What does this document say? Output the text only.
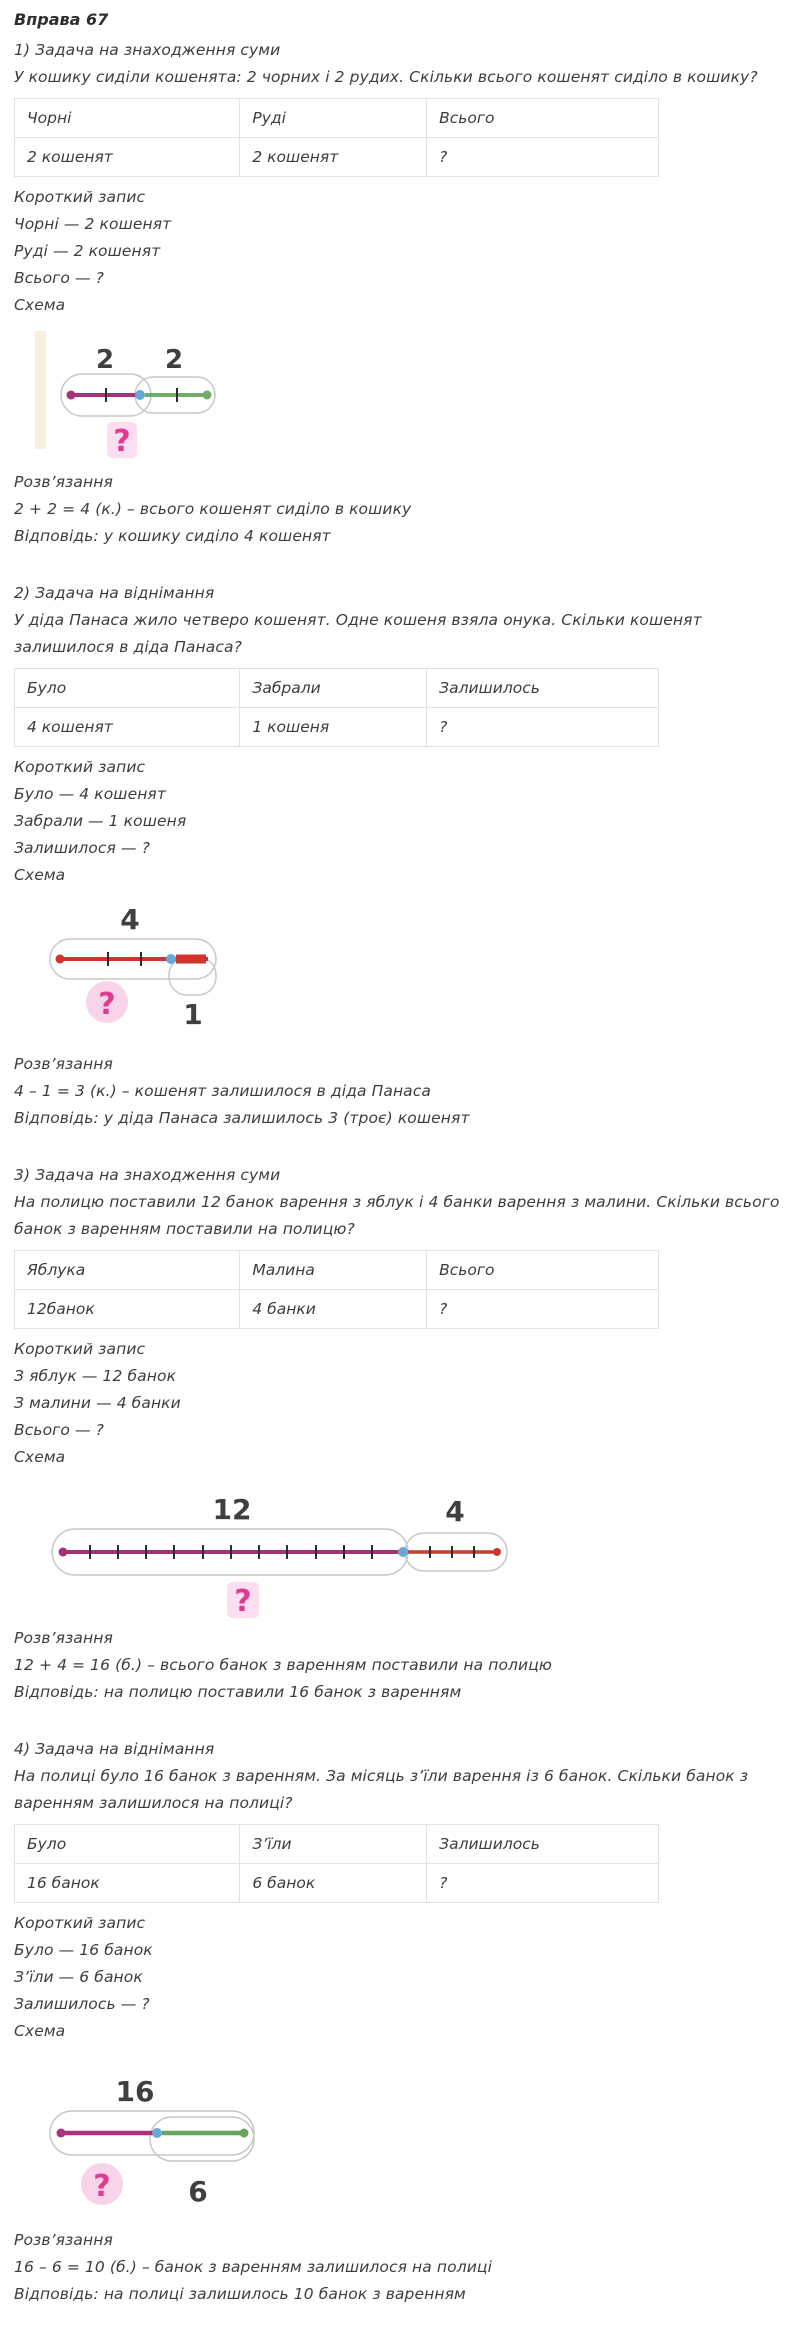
Вправа 67
1) Задача на знаходження суми
У кошику сиділи кошенята: 2 чорних і 2 рудих. Скільки всього кошенят сиділо в кошику?
Чорні	Руді	Всього
2 кошенят	2 кошенят	?
Короткий запис
Чорні — 2 кошенят
Руді — 2 кошенят
Всього — ?
Схема
2 2
?
Розв’язання
2 + 2 = 4 (к.) – всього кошенят сиділо в кошику
Відповідь: у кошику сиділо 4 кошенят
2) Задача на віднімання
У діда Панаса жило четверо кошенят. Одне кошеня взяла онука. Скільки кошенят залишилося в діда Панаса?
Було	Забрали	Залишилось
4 кошенят	1 кошеня	?
Короткий запис
Було — 4 кошенят
Забрали — 1 кошеня
Залишилося — ?
Схема
4
? 1
Розв’язання
4 – 1 = 3 (к.) – кошенят залишилося в діда Панаса
Відповідь: у діда Панаса залишилось 3 (троє) кошенят
3) Задача на знаходження суми
На полицю поставили 12 банок варення з яблук і 4 банки варення з малини. Скільки всього банок з варенням поставили на полицю?
Яблука	Малина	Всього
12банок	4 банки	?
Короткий запис
З яблук — 12 банок
З малини — 4 банки
Всього — ?
Схема
12	4
?
Розв’язання
12 + 4 = 16 (б.) – всього банок з варенням поставили на полицю
Відповідь: на полицю поставили 16 банок з варенням
4) Задача на віднімання
На полиці було 16 банок з варенням. За місяць з’їли варення із 6 банок. Скільки банок з варенням залишилося на полиці?
Було	З’їли	Залишилось
16 банок	6 банок	?
Короткий запис
Було — 16 банок
З’їли — 6 банок
Залишилось — ?
Схема
16
?	6
Розв’язання
16 – 6 = 10 (б.) – банок з варенням залишилося на полиці
Відповідь: на полиці залишилось 10 банок з варенням
